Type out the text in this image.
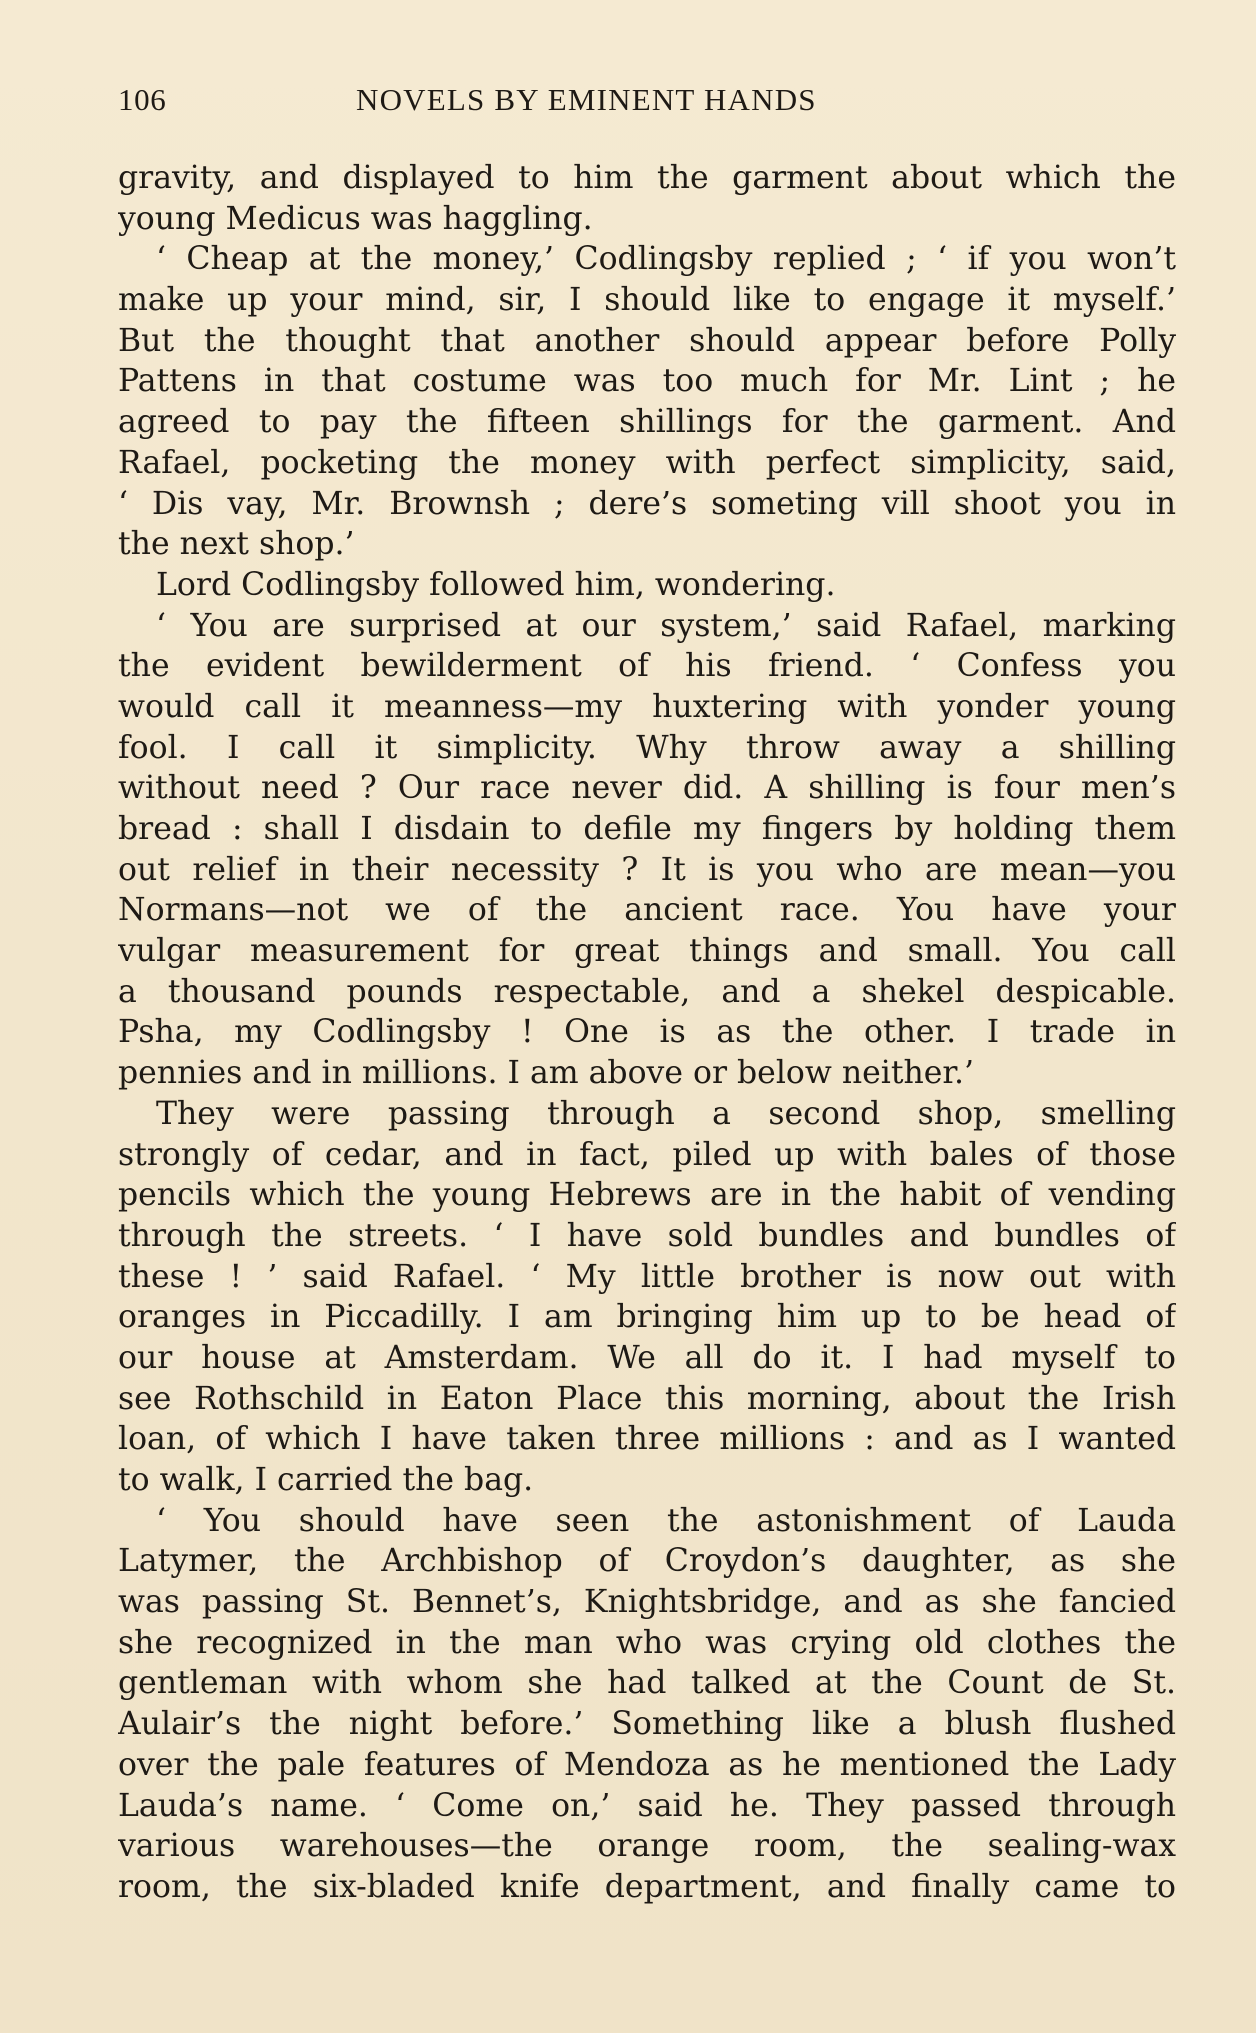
106	NOVELS BY EMINENT HANDS
gravity, and displayed to him the garment about which the
young Medicus was haggling.
‘ Cheap at the money,’ Codlingsby replied ; ‘ if you won’t
make up your mind, sir, I should like to engage it myself.’
But the thought that another should appear before Polly
Pattens in that costume was too much for Mr. Lint ; he
agreed to pay the fifteen shillings for the garment. And
Rafael, pocketing the money with perfect simplicity, said,
‘ Dis vay, Mr. Brownsh ; dere’s someting vill shoot you in
the next shop.’
Lord Codlingsby followed him, wondering.
‘ You are surprised at our system,’ said Rafael, marking
the evident bewilderment of his friend. ‘ Confess you
would call it meanness—my huxtering with yonder young
fool. I call it simplicity. Why throw away a shilling
without need ? Our race never did. A shilling is four men’s
bread : shall I disdain to defile my fingers by holding them
out relief in their necessity ? It is you who are mean—you
Normans—not we of the ancient race. You have your
vulgar measurement for great things and small. You call
a thousand pounds respectable, and a shekel despicable.
Psha, my Codlingsby ! One is as the other. I trade in
pennies and in millions. I am above or below neither.’
They were passing through a second shop, smelling
strongly of cedar, and in fact, piled up with bales of those
pencils which the young Hebrews are in the habit of vending
through the streets. ‘ I have sold bundles and bundles of
these ! ’ said Rafael. ‘ My little brother is now out with
oranges in Piccadilly. I am bringing him up to be head of
our house at Amsterdam. We all do it. I had myself to
see Rothschild in Eaton Place this morning, about the Irish
loan, of which I have taken three millions : and as I wanted
to walk, I carried the bag.
‘ You should have seen the astonishment of Lauda
Latymer, the Archbishop of Croydon’s daughter, as she
was passing St. Bennet’s, Knightsbridge, and as she fancied
she recognized in the man who was crying old clothes the
gentleman with whom she had talked at the Count de St.
Aulair’s the night before.’ Something like a blush flushed
over the pale features of Mendoza as he mentioned the Lady
Lauda’s name. ‘ Come on,’ said he. They passed through
various warehouses—the orange room, the sealing-wax
room, the six-bladed knife department, and finally came to
